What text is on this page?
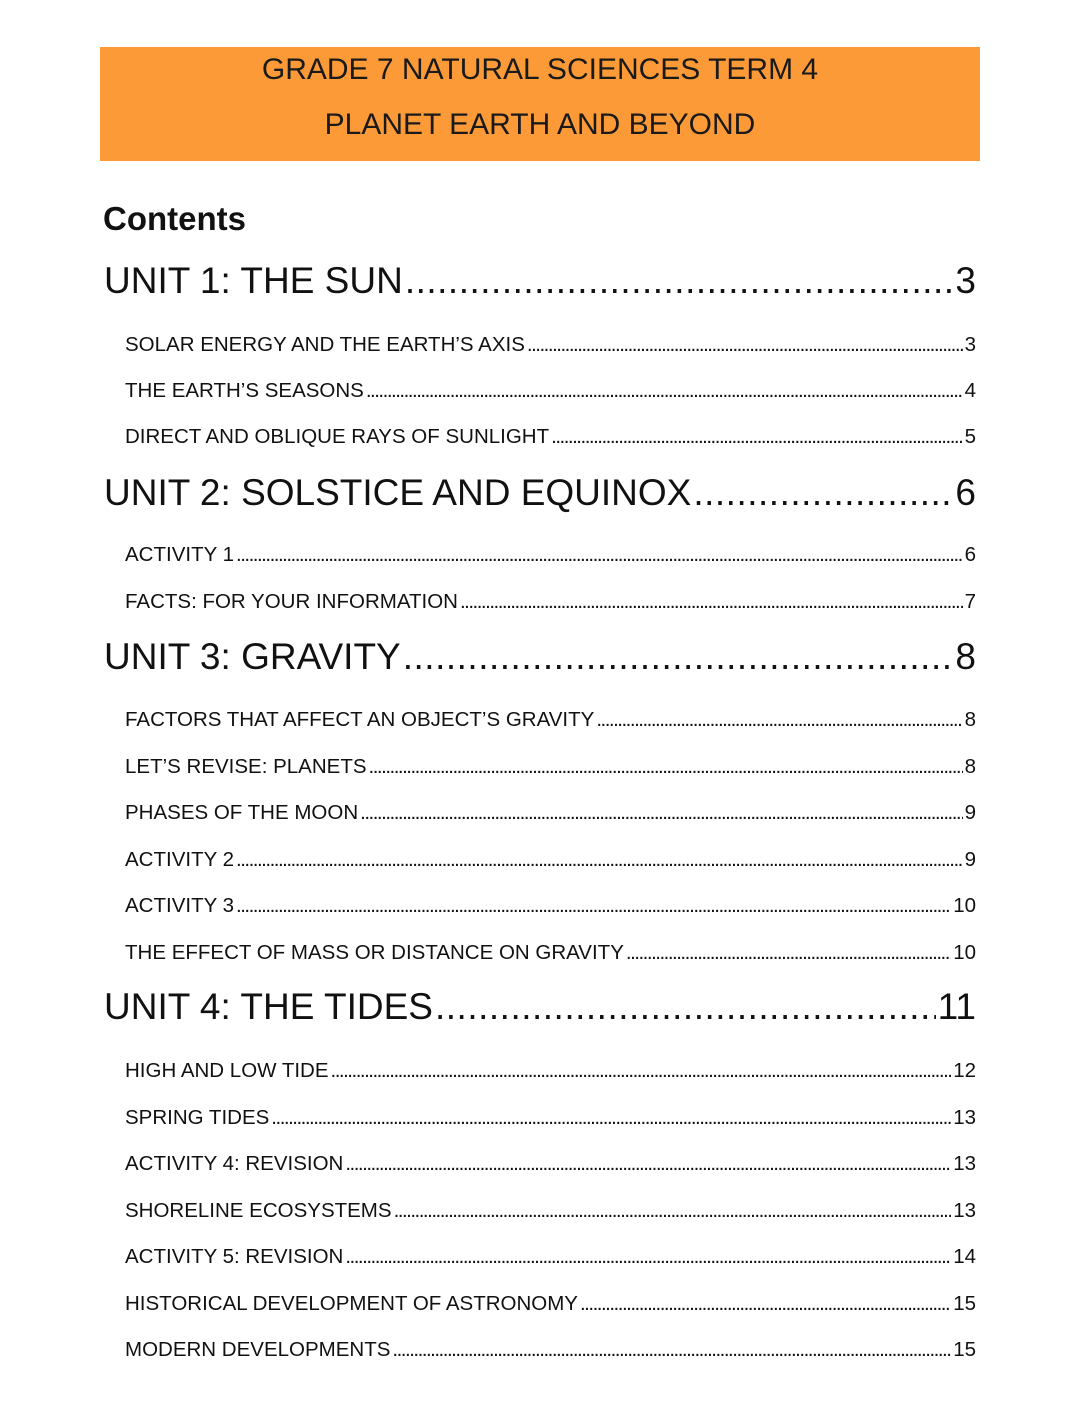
GRADE 7 NATURAL SCIENCES TERM 4
PLANET EARTH AND BEYOND
Contents
UNIT 1: THE SUN .....	3
SOLAR ENERGY AND THE EARTH’S AXIS .....	3
THE EARTH’S SEASONS .....	4
DIRECT AND OBLIQUE RAYS OF SUNLIGHT .....	5
UNIT 2: SOLSTICE AND EQUINOX .....	6
ACTIVITY 1 .....	6
FACTS: FOR YOUR INFORMATION .....	7
UNIT 3: GRAVITY .....	8
FACTORS THAT AFFECT AN OBJECT’S GRAVITY .....	8
LET’S REVISE: PLANETS .....	8
PHASES OF THE MOON .....	9
ACTIVITY 2 .....	9
ACTIVITY 3 .....	10
THE EFFECT OF MASS OR DISTANCE ON GRAVITY .....	10
UNIT 4: THE TIDES .....	11
HIGH AND LOW TIDE .....	12
SPRING TIDES .....	13
ACTIVITY 4: REVISION .....	13
SHORELINE ECOSYSTEMS .....	13
ACTIVITY 5: REVISION .....	14
HISTORICAL DEVELOPMENT OF ASTRONOMY .....	15
MODERN DEVELOPMENTS .....	15
